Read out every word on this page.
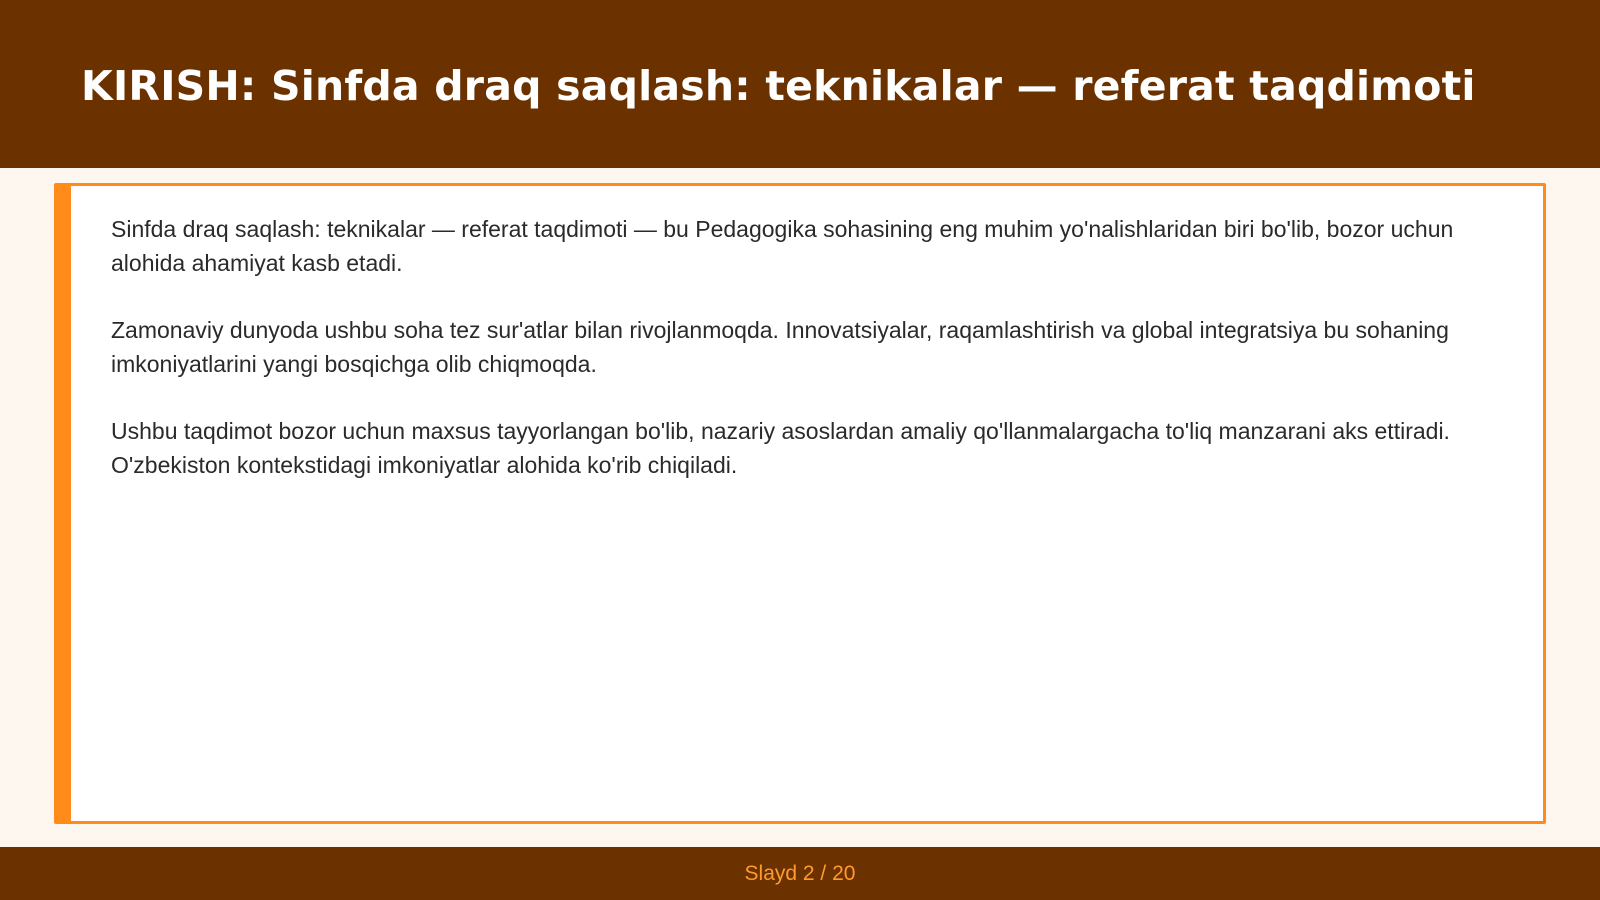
KIRISH: Sinfda draq saqlash: teknikalar — referat taqdimoti

Sinfda draq saqlash: teknikalar — referat taqdimoti — bu Pedagogika sohasining eng muhim yo'nalishlaridan biri bo'lib, bozor uchun alohida ahamiyat kasb etadi.

Zamonaviy dunyoda ushbu soha tez sur'atlar bilan rivojlanmoqda. Innovatsiyalar, raqamlashtirish va global integratsiya bu sohaning imkoniyatlarini yangi bosqichga olib chiqmoqda.

Ushbu taqdimot bozor uchun maxsus tayyorlangan bo'lib, nazariy asoslardan amaliy qo'llanmalargacha to'liq manzarani aks ettiradi. O'zbekiston kontekstidagi imkoniyatlar alohida ko'rib chiqiladi.

Slayd 2 / 20
